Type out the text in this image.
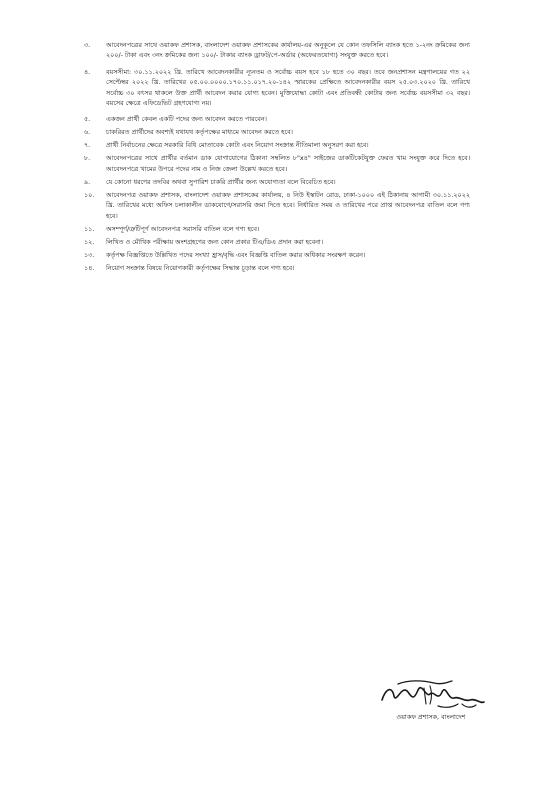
৩.	আবেদনপত্রের সাথে ওয়াকফ প্রশাসক, বাংলাদেশ ওয়াকফ প্রশাসকের কার্যালয়-এর অনুকূলে যে কোন তফসিলি ব্যাংক হতে ১-২নং ক্রমিকের জন্য ২০০/- টাকা এবং ৩নং ক্রমিকের জন্য ১০০/- টাকার ব্যাংক ড্রাফট/পে-অর্ডার (অফেরতযোগ্য) সংযুক্ত করতে হবে।
৪.	বয়সসীমা: ৩০.১১.২০২২ খ্রি. তারিখে আবেদনকারীর ন্যূনতম ও সর্বোচ্চ বয়স হবে ১৮ হতে ৩০ বছর। তবে জনপ্রশাসন মন্ত্রণালয়ের গত ২২ সেপ্টেম্বর ২০২২ খ্রি. তারিখের ০৫.০০.০০০০.১৭০.১১.০১৭.২০-১৪২ স্মারকের প্রেক্ষিতে আবেদনকারীর বয়স ২৫.০৩.২০২০ খ্রি. তারিখে সর্বোচ্চ ৩০ বৎসর থাকলে উক্ত প্রার্থী আবেদন করার যোগ্য হবেন। মুক্তিযোদ্ধা কোটা এবং প্রতিবন্ধী কোটায় জন্য সর্বোচ্চ বয়সসীমা ৩২ বছর। বয়সের ক্ষেত্রে এফিডেভিট গ্রহণযোগ্য নয়।
৫.	একজন প্রার্থী কেবল একটি পদের জন্য আবেদন করতে পারবেন।
৬.	চাকরিরত প্রার্থীদের অবশ্যই যথাযথ কর্তৃপক্ষের মাধ্যমে আবেদন করতে হবে।
৭.	প্রার্থী নির্বাচনের ক্ষেত্রে সরকারি বিধি মোতাবেক কোটা এবং নিয়োগ সংক্রান্ত নীতিমালা অনুসরণ করা হবে।
৮.	আবেদনপত্রের সাথে প্রার্থীর বর্তমান ডাক যোগাযোগের ঠিকানা সম্বলিত ৮"x৪" সাইজের ডাকটিকেটযুক্ত ফেরত খাম সংযুক্ত করে দিতে হবে। আবেদনপত্রে খামের উপরে পদের নাম ও নিজ জেলা উল্লেখ করতে হবে।
৯.	যে কোনো ধরণের তদবির অথবা সুপারিশ চাকরি প্রার্থীর জন্য অযোগ্যতা বলে বিবেচিত হবে।
১০.	আবেদনপত্র ওয়াকফ প্রশাসক, বাংলাদেশ ওয়াকফ প্রশাসকের কার্যালয়, ৪ নিউ ইস্কাটন রোড, ঢাকা-১০০০ এই ঠিকানায় আগামী ৩০.১১.২০২২ খ্রি. তারিখের মধ্যে অফিস চলাকালীন ডাকযোগে/সরাসরি জমা দিতে হবে। নির্ধারিত সময় ও তারিখের পরে প্রাপ্ত আবেদনপত্র বাতিল বলে গণ্য হবে।
১১.	অসম্পূর্ণ/ত্রুটিপূর্ণ আবেদনপত্র সরাসরি বাতিল বলে গণ্য হবে।
১২.	লিখিত ও মৌখিক পরীক্ষায় অংশগ্রহণের জন্য কোন প্রকার টিএ/ডিএ প্রদান করা হবেনা।
১৩.	কর্তৃপক্ষ বিজ্ঞপ্তিতে উল্লিখিত পদের সংখ্যা হ্রাস/বৃদ্ধি এবং বিজ্ঞপ্তি বাতিল করার অধিকার সংরক্ষণ করেন।
১৪.	নিয়োগ সংক্রান্ত বিষয়ে নিয়োগকারী কর্তৃপক্ষের সিদ্ধান্ত চূড়ান্ত বলে গণ্য হবে।
ওয়াকফ প্রশাসক, বাংলাদেশ
